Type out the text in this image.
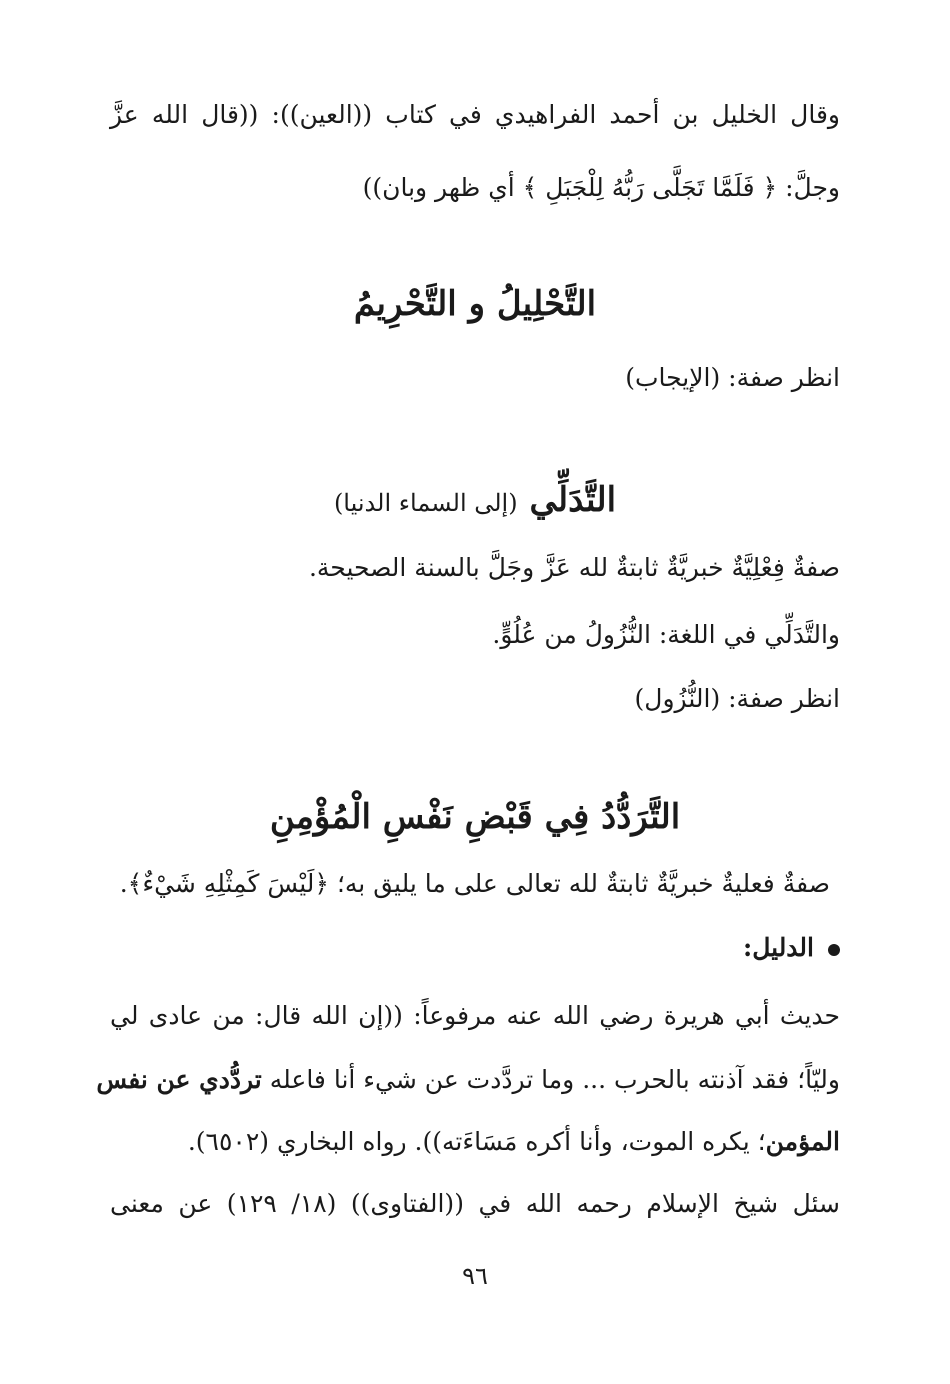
وقال الخليل بن أحمد الفراهيدي في كتاب ((العين)): ((قال الله عزَّ
وجلَّ: ﴿ فَلَمَّا تَجَلَّى رَبُّهُ لِلْجَبَلِ ﴾ أي ظهر وبان))
التَّحْلِيلُ و التَّحْرِيمُ
انظر صفة: (الإيجاب)
التَّدَلِّي (إلى السماء الدنيا)
صفةٌ فِعْلِيَّةٌ خبريَّةٌ ثابتةٌ لله عَزَّ وجَلَّ بالسنة الصحيحة.
والتَّدَلِّي في اللغة: النُّزُولُ من عُلُوٍّ.
انظر صفة: (النُّزُول)
التَّرَدُّدُ فِي قَبْضِ نَفْسِ الْمُؤْمِنِ
صفةٌ فعليةٌ خبريَّةٌ ثابتةٌ لله تعالى على ما يليق به؛ ﴿لَيْسَ كَمِثْلِهِ شَيْءٌ﴾.
الدليل:
حديث أبي هريرة رضي الله عنه مرفوعاً: ((إن الله قال: من عادى لي
وليّاً؛ فقد آذنته بالحرب ... وما تردَّدت عن شيء أنا فاعله تردُّدي عن نفس
المؤمن؛ يكره الموت، وأنا أكره مَسَاءَته)). رواه البخاري (٦٥٠٢).
سئل شيخ الإسلام رحمه الله في ((الفتاوى)) (١٨/ ١٢٩) عن معنى
٩٦
